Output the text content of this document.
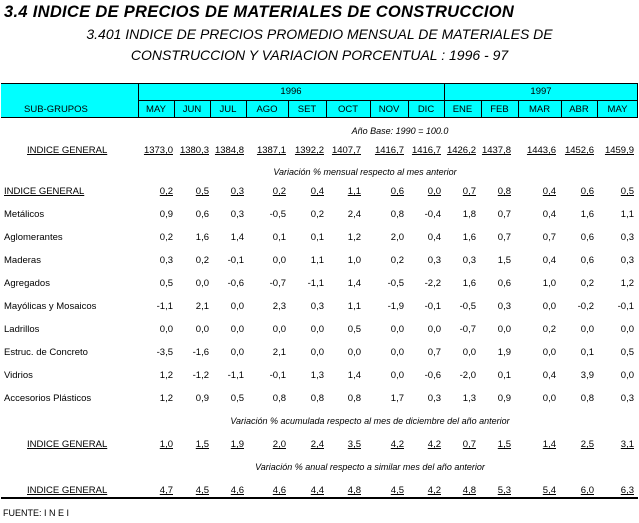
3.4 INDICE DE PRECIOS DE MATERIALES DE CONSTRUCCION
3.401 INDICE DE PRECIOS PROMEDIO MENSUAL DE MATERIALES DE
CONSTRUCCION Y VARIACION PORCENTUAL : 1996 - 97
SUB-GRUPOS
1996	1997
MAY	JUN	JUL	AGO	SET	OCT	NOV	DIC	ENE	FEB	MAR	ABR	MAY
Año Base: 1990 = 100.0
INDICE GENERAL	1373,0 1380,3 1384,8	1387,1 1392,2 1407,7	1416,7 1416,7 1426,2 1437,8	1443,6 1452,6	1459,9
Variación % mensual respecto al mes anterior
INDICE GENERAL	0,2	0,5	0,3	0,2	0,4	1,1	0,6	0,0	0,7	0,8	0,4	0,6	0,5
Metálicos	0,9	0,6	0,3	-0,5	0,2	2,4	0,8	-0,4	1,8	0,7	0,4	1,6	1,1
Aglomerantes	0,2	1,6	1,4	0,1	0,1	1,2	2,0	0,4	1,6	0,7	0,7	0,6	0,3
Maderas	0,3	0,2	-0,1	0,0	1,1	1,0	0,2	0,3	0,3	1,5	0,4	0,6	0,3
Agregados	0,5	0,0	-0,6	-0,7	-1,1	1,4	-0,5	-2,2	1,6	0,6	1,0	0,2	1,2
Mayólicas y Mosaicos	-1,1	2,1	0,0	2,3	0,3	1,1	-1,9	-0,1	-0,5	0,3	0,0	-0,2	-0,1
Ladrillos	0,0	0,0	0,0	0,0	0,0	0,5	0,0	0,0	-0,7	0,0	0,2	0,0	0,0
Estruc. de Concreto	-3,5	-1,6	0,0	2,1	0,0	0,0	0,0	0,7	0,0	1,9	0,0	0,1	0,5
Vidrios	1,2	-1,2	-1,1	-0,1	1,3	1,4	0,0	-0,6	-2,0	0,1	0,4	3,9	0,0
Accesorios Plásticos	1,2	0,9	0,5	0,8	0,8	0,8	1,7	0,3	1,3	0,9	0,0	0,8	0,3
Variación % acumulada respecto al mes de diciembre del año anterior
INDICE GENERAL	1,0	1,5	1,9	2,0	2,4	3,5	4,2	4,2	0,7	1,5	1,4	2,5	3,1
Variación % anual respecto a similar mes del año anterior
INDICE GENERAL	4,7	4,5	4,6	4,6	4,4	4,8	4,5	4,2	4,8	5,3	5,4	6,0	6,3
FUENTE: I N E I
